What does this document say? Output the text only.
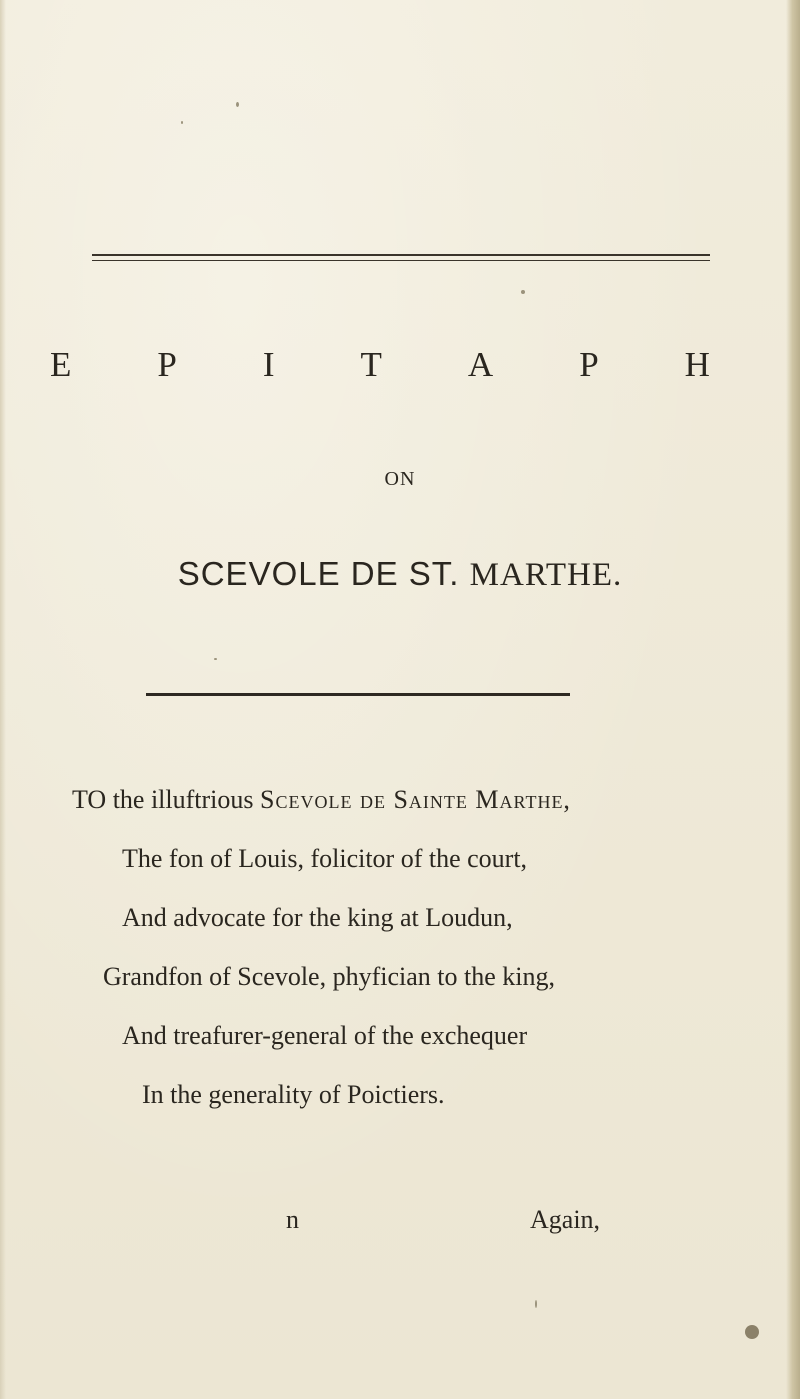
E P I T A P H
ON
SCEVOLE DE ST. MARTHE.
TO the illuftrious Scevole de Sainte Marthe,
The fon of Louis, folicitor of the court,
And advocate for the king at Loudun,
Grandfon of Scevole, phyfician to the king,
And treafurer-general of the exchequer
In the generality of Poictiers.
n	Again,
